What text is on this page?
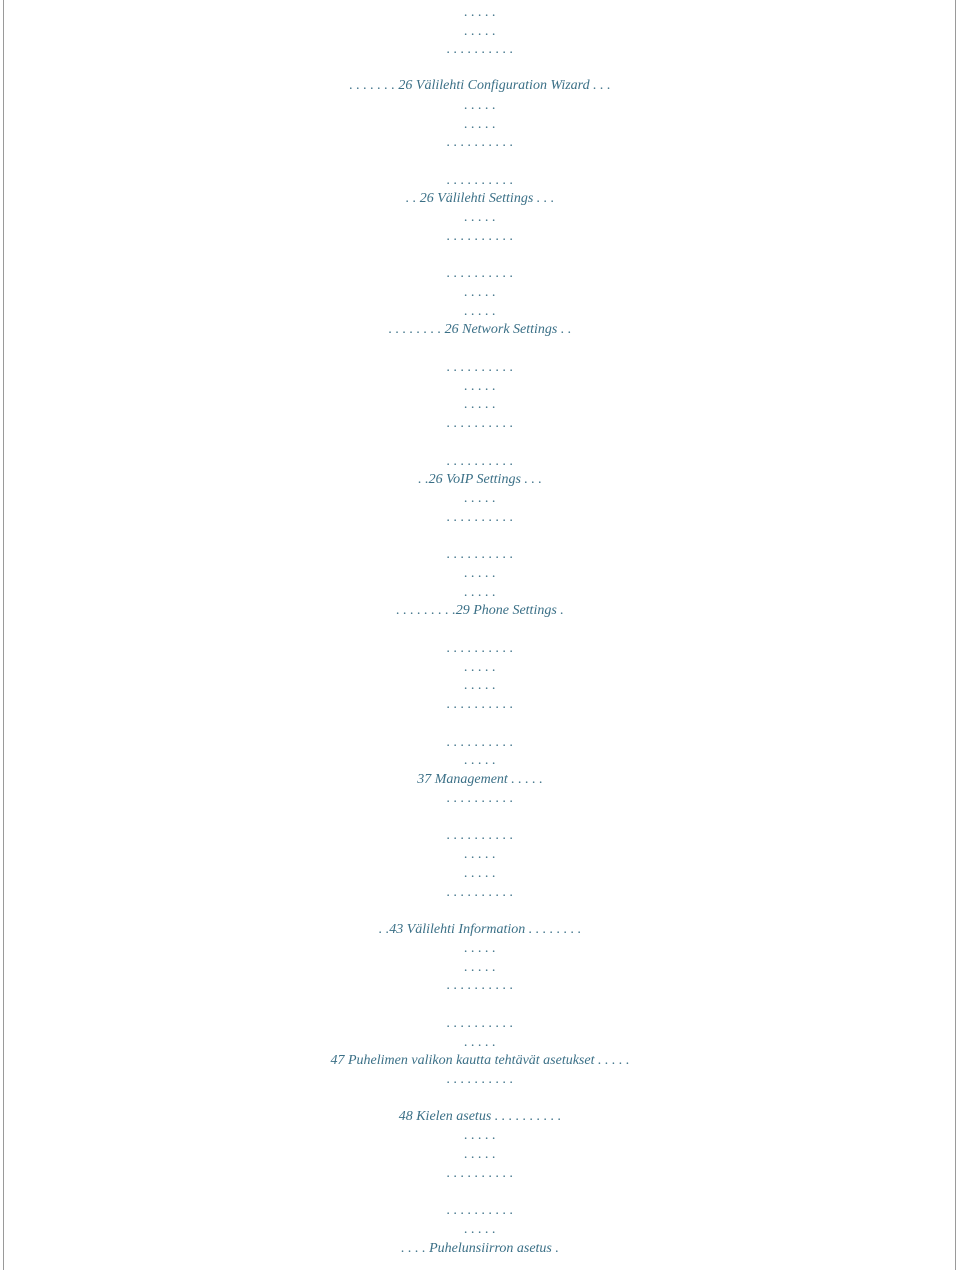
. . . . .
. . . . .
. . . . . . . . . .
. . . . . . . 26 Välilehti Configuration Wizard . . .
. . . . .
. . . . .
. . . . . . . . . .
. . . . . . . . . .
. . 26 Välilehti Settings . . .
. . . . .
. . . . . . . . . .
. . . . . . . . . .
. . . . .
. . . . .
. . . . . . . . 26 Network Settings . .
. . . . . . . . . .
. . . . .
. . . . .
. . . . . . . . . .
. . . . . . . . . .
. .26 VoIP Settings . . .
. . . . .
. . . . . . . . . .
. . . . . . . . . .
. . . . .
. . . . .
. . . . . . . . .29 Phone Settings .
. . . . . . . . . .
. . . . .
. . . . .
. . . . . . . . . .
. . . . . . . . . .
. . . . .
37 Management . . . . .
. . . . . . . . . .
. . . . . . . . . .
. . . . .
. . . . .
. . . . . . . . . .
. .43 Välilehti Information . . . . . . . .
. . . . .
. . . . .
. . . . . . . . . .
. . . . . . . . . .
. . . . .
47 Puhelimen valikon kautta tehtävät asetukset . . . . .
. . . . . . . . . .
48 Kielen asetus . . . . . . . . . .
. . . . .
. . . . .
. . . . . . . . . .
. . . . . . . . . .
. . . . .
. . . . Puhelunsiirron asetus .
